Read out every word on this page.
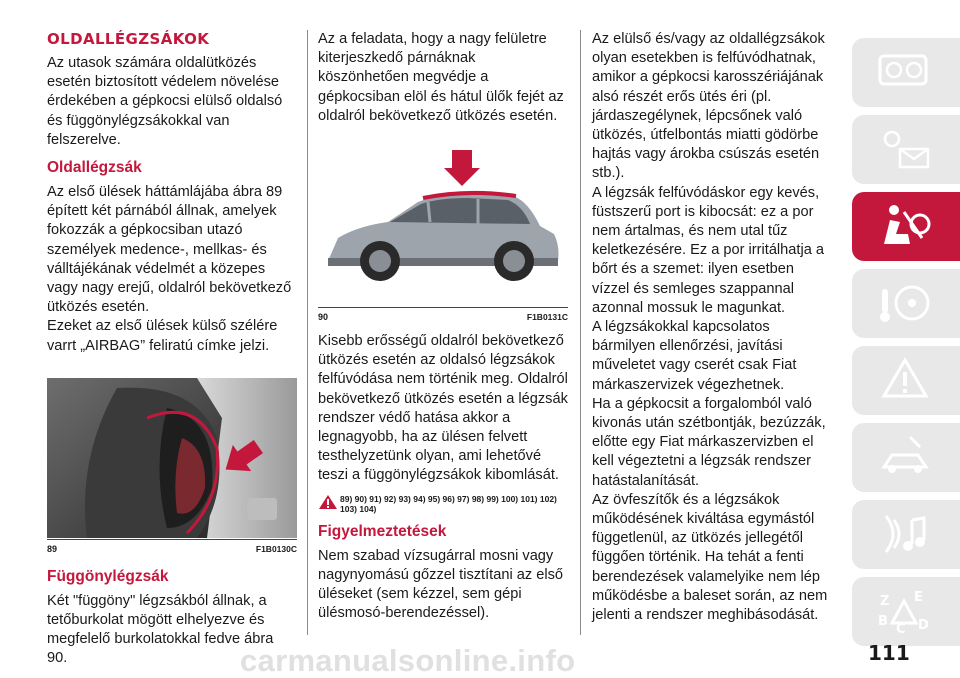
OLDALLÉGZSÁKOK

Az utasok számára oldalütközés esetén biztosított védelem növelése érdekében a gépkocsi elülső oldalsó és függönylégzsákokkal van felszerelve.

Oldallégzsák

Az első ülések háttámlájába ábra 89 épített két párnából állnak, amelyek fokozzák a gépkocsiban utazó személyek medence-, mellkas- és válltájékának védelmét a közepes vagy nagy erejű, oldalról bekövetkező ütközés esetén.

Ezeket az első ülések külső szélére varrt „AIRBAG” feliratú címke jelzi.

89	F1B0130C
Függönylégzsák

Két "függöny" légzsákból állnak, a tetőburkolat mögött elhelyezve és megfelelő burkolatokkal fedve ábra 90.

Az a feladata, hogy a nagy felületre kiterjeszkedő párnáknak köszönhetően megvédje a gépkocsiban elöl és hátul ülők fejét az oldalról bekövetkező ütközés esetén.

90	F1B0131C

Kisebb erősségű oldalról bekövetkező ütközés esetén az oldalsó légzsákok felfúvódása nem történik meg. Oldalról bekövetkező ütközés esetén a légzsák rendszer védő hatása akkor a legnagyobb, ha az ülésen felvett testhelyzetünk olyan, ami lehetővé teszi a függönylégzsákok kibomlását.

89) 90) 91) 92) 93) 94) 95) 96) 97) 98) 99) 100) 101) 102) 103) 104)
Figyelmeztetések

Nem szabad vízsugárral mosni vagy nagynyomású gőzzel tisztítani az első üléseket (sem kézzel, sem gépi ülésmosó-berendezéssel).

Az elülső és/vagy az oldallégzsákok olyan esetekben is felfúvódhatnak, amikor a gépkocsi karosszériájának alsó részét erős ütés éri (pl. járdaszegélynek, lépcsőnek való ütközés, útfelbontás miatti gödörbe hajtás vagy árokba csúszás esetén stb.).

A légzsák felfúvódáskor egy kevés, füstszerű port is kibocsát: ez a por nem ártalmas, és nem utal tűz keletkezésére. Ez a por irritálhatja a bőrt és a szemet: ilyen esetben vízzel és semleges szappannal azonnal mossuk le magunkat.

A légzsákokkal kapcsolatos bármilyen ellenőrzési, javítási műveletet vagy cserét csak Fiat márkaszervizek végezhetnek.

Ha a gépkocsit a forgalomból való kivonás után szétbontják, bezúzzák, előtte egy Fiat márkaszervizben el kell végeztetni a légzsák rendszer hatástalanítását.

Az övfeszítők és a légzsákok működésének kiváltása egymástól függetlenül, az ütközés jellegétől függően történik. Ha tehát a fenti berendezések valamelyike nem lép működésbe a baleset során, az nem jelenti a rendszer meghibásodását.

Z E
B
C D
111
carmanualsonline.info
